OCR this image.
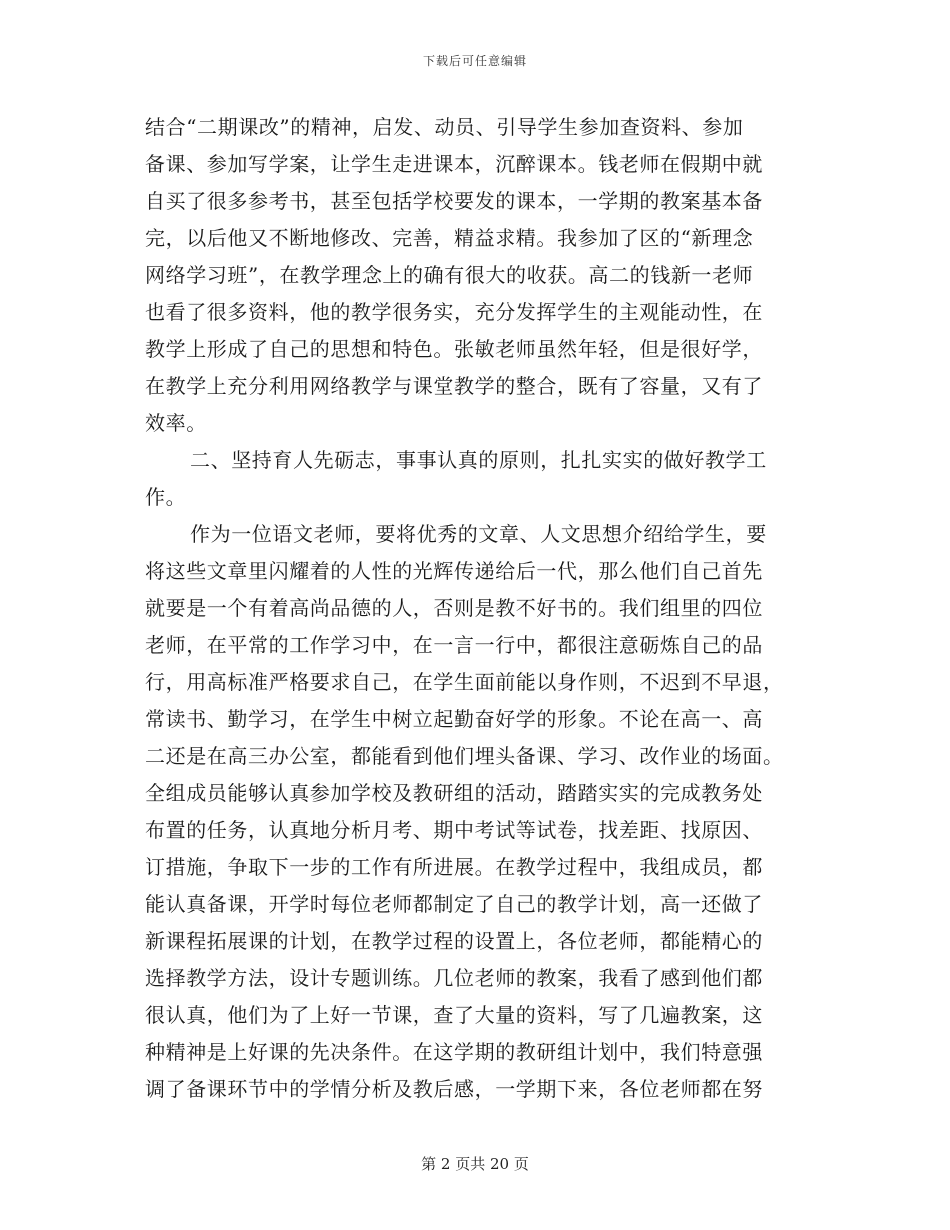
下载后可任意编辑
结合“二期课改”的精神，启发、动员、引导学生参加查资料、参加
备课、参加写学案，让学生走进课本，沉醉课本。钱老师在假期中就
自买了很多参考书，甚至包括学校要发的课本，一学期的教案基本备
完，以后他又不断地修改、完善，精益求精。我参加了区的“新理念
网络学习班”，在教学理念上的确有很大的收获。高二的钱新一老师
也看了很多资料，他的教学很务实，充分发挥学生的主观能动性，在
教学上形成了自己的思想和特色。张敏老师虽然年轻，但是很好学，
在教学上充分利用网络教学与课堂教学的整合，既有了容量，又有了
效率。
二、坚持育人先砺志，事事认真的原则，扎扎实实的做好教学工
作。
作为一位语文老师，要将优秀的文章、人文思想介绍给学生，要
将这些文章里闪耀着的人性的光辉传递给后一代，那么他们自己首先
就要是一个有着高尚品德的人，否则是教不好书的。我们组里的四位
老师，在平常的工作学习中，在一言一行中，都很注意砺炼自己的品
行，用高标准严格要求自己，在学生面前能以身作则，不迟到不早退，
常读书、勤学习，在学生中树立起勤奋好学的形象。不论在高一、高
二还是在高三办公室，都能看到他们埋头备课、学习、改作业的场面。
全组成员能够认真参加学校及教研组的活动，踏踏实实的完成教务处
布置的任务，认真地分析月考、期中考试等试卷，找差距、找原因、
订措施，争取下一步的工作有所进展。在教学过程中，我组成员，都
能认真备课，开学时每位老师都制定了自己的教学计划，高一还做了
新课程拓展课的计划，在教学过程的设置上，各位老师，都能精心的
选择教学方法，设计专题训练。几位老师的教案，我看了感到他们都
很认真，他们为了上好一节课，查了大量的资料，写了几遍教案，这
种精神是上好课的先决条件。在这学期的教研组计划中，我们特意强
调了备课环节中的学情分析及教后感，一学期下来，各位老师都在努
第 2 页共 20 页
